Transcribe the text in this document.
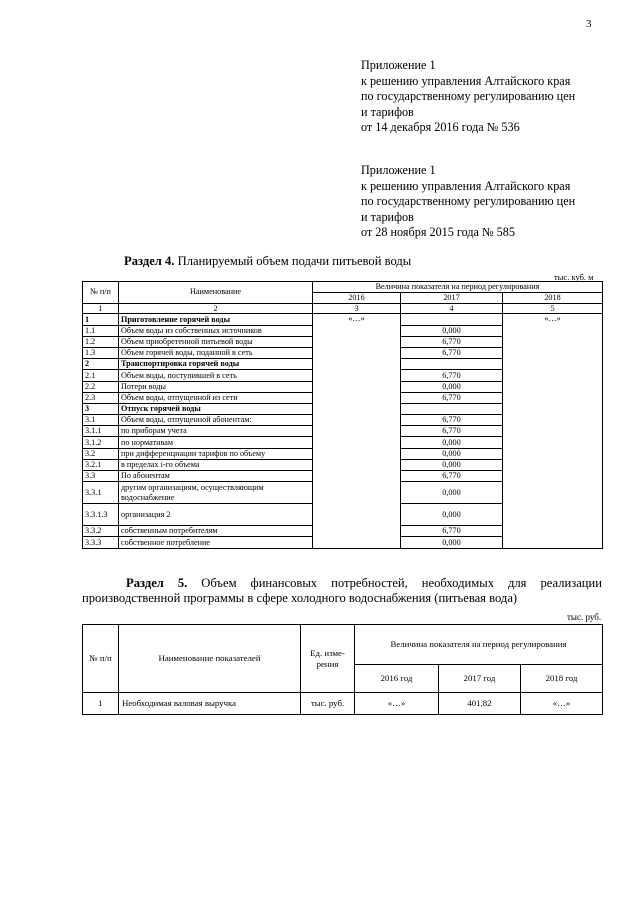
3
Приложение 1
к решению управления Алтайского края
по государственному регулированию цен
и тарифов
от 14 декабря 2016 года № 536
Приложение 1
к решению управления Алтайского края
по государственному регулированию цен
и тарифов
от 28 ноября 2015 года № 585
Раздел 4. Планируемый объем подачи питьевой воды
тыс. куб. м
№ п/п	Наименование	Величина показателя на период регулирования		
		2016	2017	2018
1	2	3	4	5
1	Приготовление горячей воды	«…»		«…»
1.1	Объем воды из собственных источников		0,000	
1.2	Объем приобретенной питьевой воды		6,770	
1.3	Объем горячей воды, поданной в сеть		6,770	
2	Транспортировка горячей воды			
2.1	Объем воды, поступившей в сеть		6,770	
2.2	Потери воды		0,000	
2.3	Объем воды, отпущенной из сети		6,770	
3	Отпуск горячей воды			
3.1	Объем воды, отпущенной абонентам:		6,770	
3.1.1	по приборам учета		6,770	
3.1.2	по нормативам		0,000	
3.2	при дифференциации тарифов по объему		0,000	
3.2.1	в пределах i-го объема		0,000	
3.3	По абонентам		6,770	
3.3.1	другим организациям, осуществляющим водоснабжение		0,000	
3.3.1.3	организация 2		0,000	
3.3.2	собственным потребителям		6,770	
3.3.3	собственное потребление		0,000	
Раздел 5. Объем финансовых потребностей, необходимых для реализации производственной программы в сфере холодного водоснабжения (питьевая вода)
тыс. руб.
№ п/п	Наименование показателей	Ед. изме-рения	Величина показателя на период регулирования		
			2016 год	2017 год	2018 год
1	Необходимая валовая выручка	тыс. руб.	«…»	401,82	«…»
